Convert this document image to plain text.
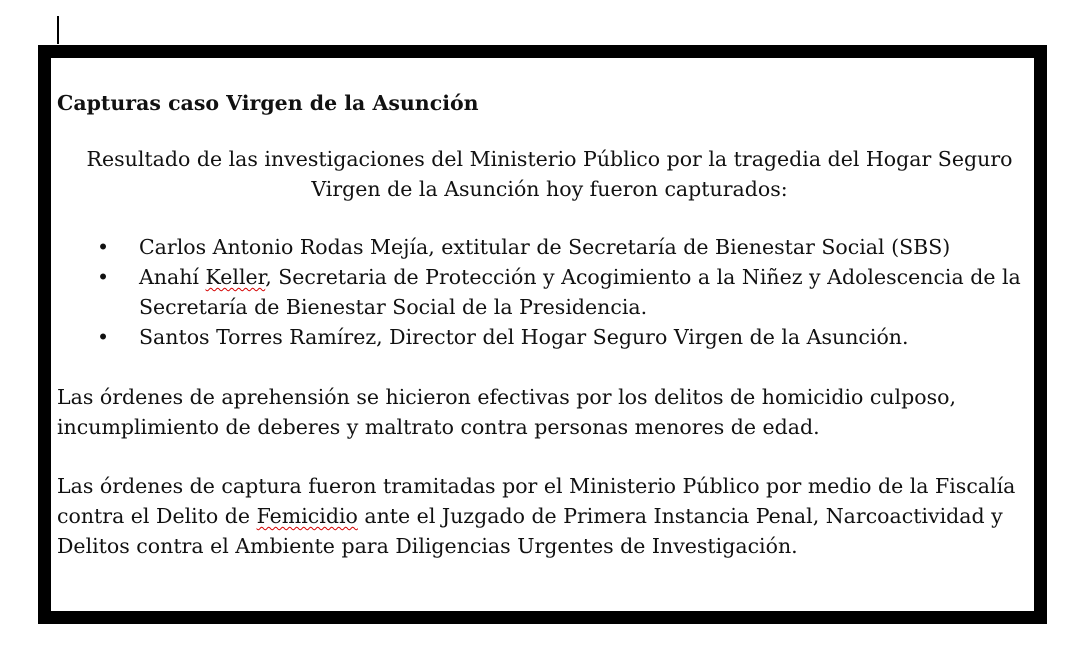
Capturas caso Virgen de la Asunción

Resultado de las investigaciones del Ministerio Público por la tragedia del Hogar Seguro Virgen de la Asunción hoy fueron capturados:

• Carlos Antonio Rodas Mejía, extitular de Secretaría de Bienestar Social (SBS)
• Anahí Keller, Secretaria de Protección y Acogimiento a la Niñez y Adolescencia de la Secretaría de Bienestar Social de la Presidencia.
• Santos Torres Ramírez, Director del Hogar Seguro Virgen de la Asunción.

Las órdenes de aprehensión se hicieron efectivas por los delitos de homicidio culposo, incumplimiento de deberes y maltrato contra personas menores de edad.

Las órdenes de captura fueron tramitadas por el Ministerio Público por medio de la Fiscalía contra el Delito de Femicidio ante el Juzgado de Primera Instancia Penal, Narcoactividad y Delitos contra el Ambiente para Diligencias Urgentes de Investigación.
